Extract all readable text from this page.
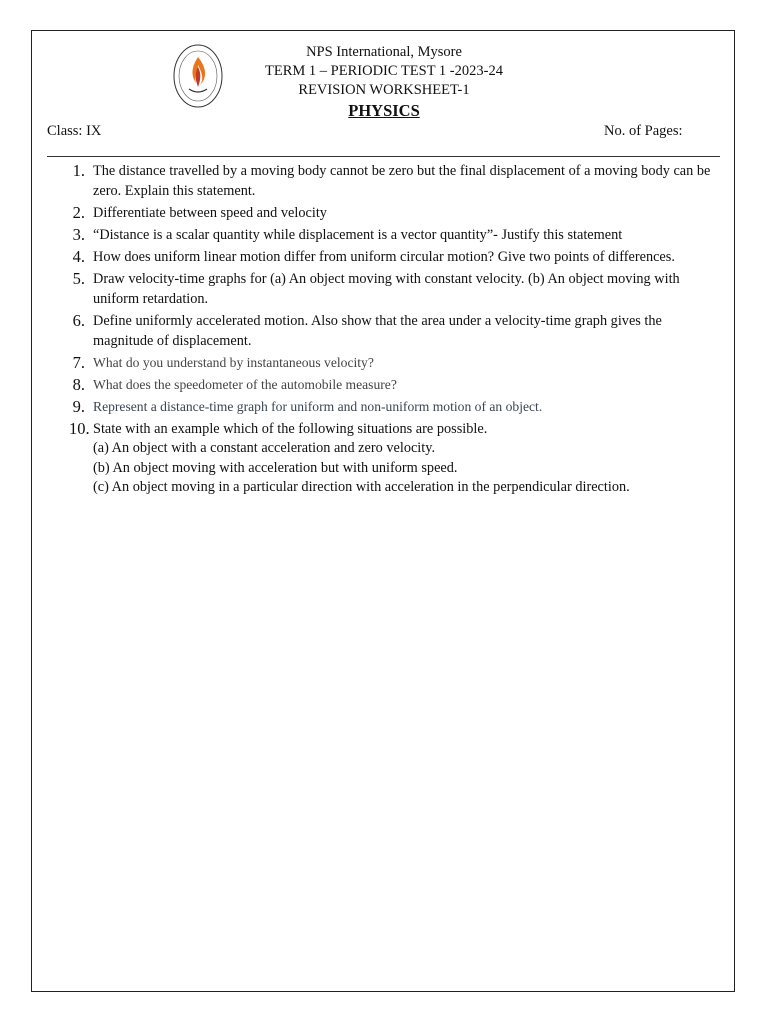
NPS International, Mysore
TERM 1 – PERIODIC TEST 1 -2023-24
REVISION WORKSHEET-1
PHYSICS
Class: IX	No. of Pages:
1. The distance travelled by a moving body cannot be zero but the final displacement of a moving body can be zero. Explain this statement.
2. Differentiate between speed and velocity
3. “Distance is a scalar quantity while displacement is a vector quantity”- Justify this statement
4. How does uniform linear motion differ from uniform circular motion? Give two points of differences.
5. Draw velocity-time graphs for (a) An object moving with constant velocity. (b) An object moving with uniform retardation.
6. Define uniformly accelerated motion. Also show that the area under a velocity-time graph gives the magnitude of displacement.
7. What do you understand by instantaneous velocity?
8. What does the speedometer of the automobile measure?
9. Represent a distance-time graph for uniform and non-uniform motion of an object.
10. State with an example which of the following situations are possible.
(a) An object with a constant acceleration and zero velocity.
(b) An object moving with acceleration but with uniform speed.
(c) An object moving in a particular direction with acceleration in the perpendicular direction.
